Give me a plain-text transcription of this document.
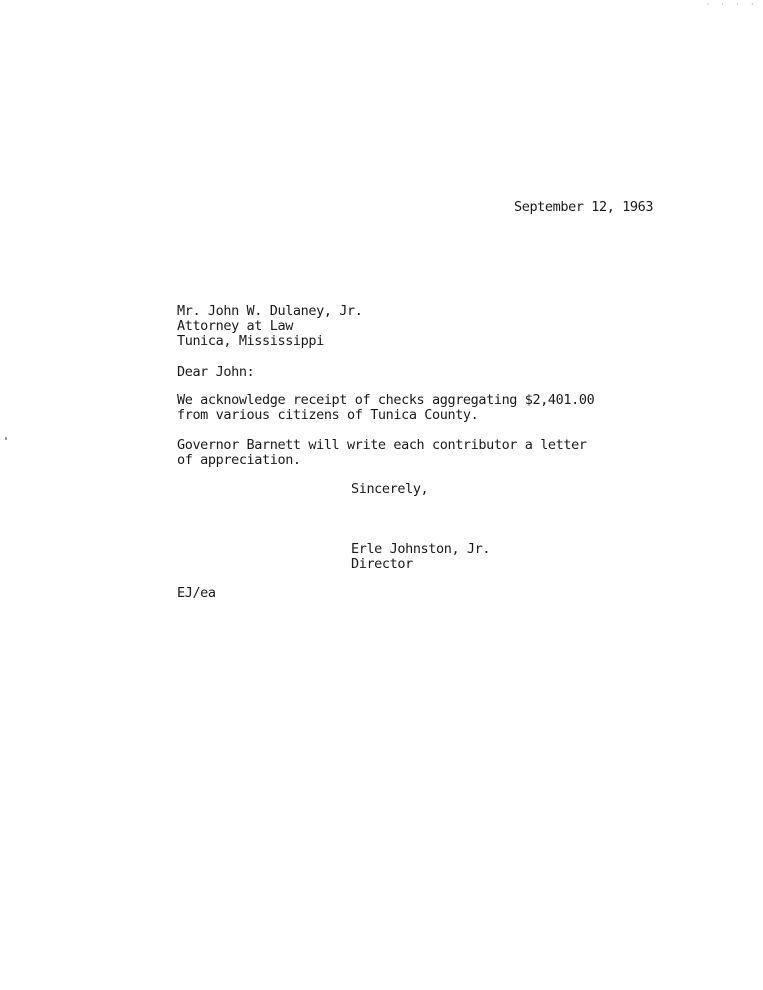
· · · ·
September 12, 1963
Mr. John W. Dulaney, Jr.
Attorney at Law
Tunica, Mississippi
Dear John:
We acknowledge receipt of checks aggregating $2,401.00
from various citizens of Tunica County.
Governor Barnett will write each contributor a letter
of appreciation.
Sincerely,
Erle Johnston, Jr.
Director
EJ/ea
